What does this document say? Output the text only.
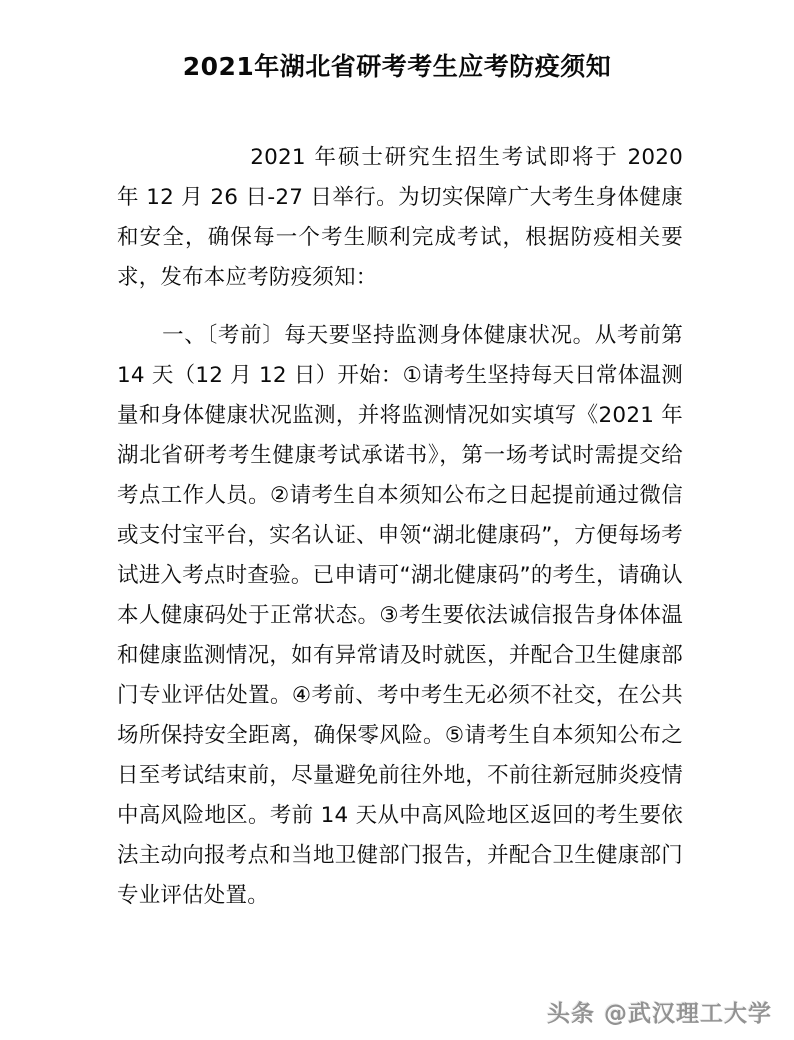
2021年湖北省研考考生应考防疫须知

2021 年硕士研究生招生考试即将于 2020 年 12 月 26 日-27 日举行。为切实保障广大考生身体健康和安全，确保每一个考生顺利完成考试，根据防疫相关要求，发布本应考防疫须知：

一、〔考前〕每天要坚持监测身体健康状况。从考前第 14 天（12 月 12 日）开始：①请考生坚持每天日常体温测量和身体健康状况监测，并将监测情况如实填写《2021 年湖北省研考考生健康考试承诺书》，第一场考试时需提交给考点工作人员。②请考生自本须知公布之日起提前通过微信或支付宝平台，实名认证、申领“湖北健康码”，方便每场考试进入考点时查验。已申请可“湖北健康码”的考生，请确认本人健康码处于正常状态。③考生要依法诚信报告身体体温和健康监测情况，如有异常请及时就医，并配合卫生健康部门专业评估处置。④考前、考中考生无必须不社交，在公共场所保持安全距离，确保零风险。⑤请考生自本须知公布之日至考试结束前，尽量避免前往外地，不前往新冠肺炎疫情中高风险地区。考前 14 天从中高风险地区返回的考生要依法主动向报考点和当地卫健部门报告，并配合卫生健康部门专业评估处置。

头条 @武汉理工大学
